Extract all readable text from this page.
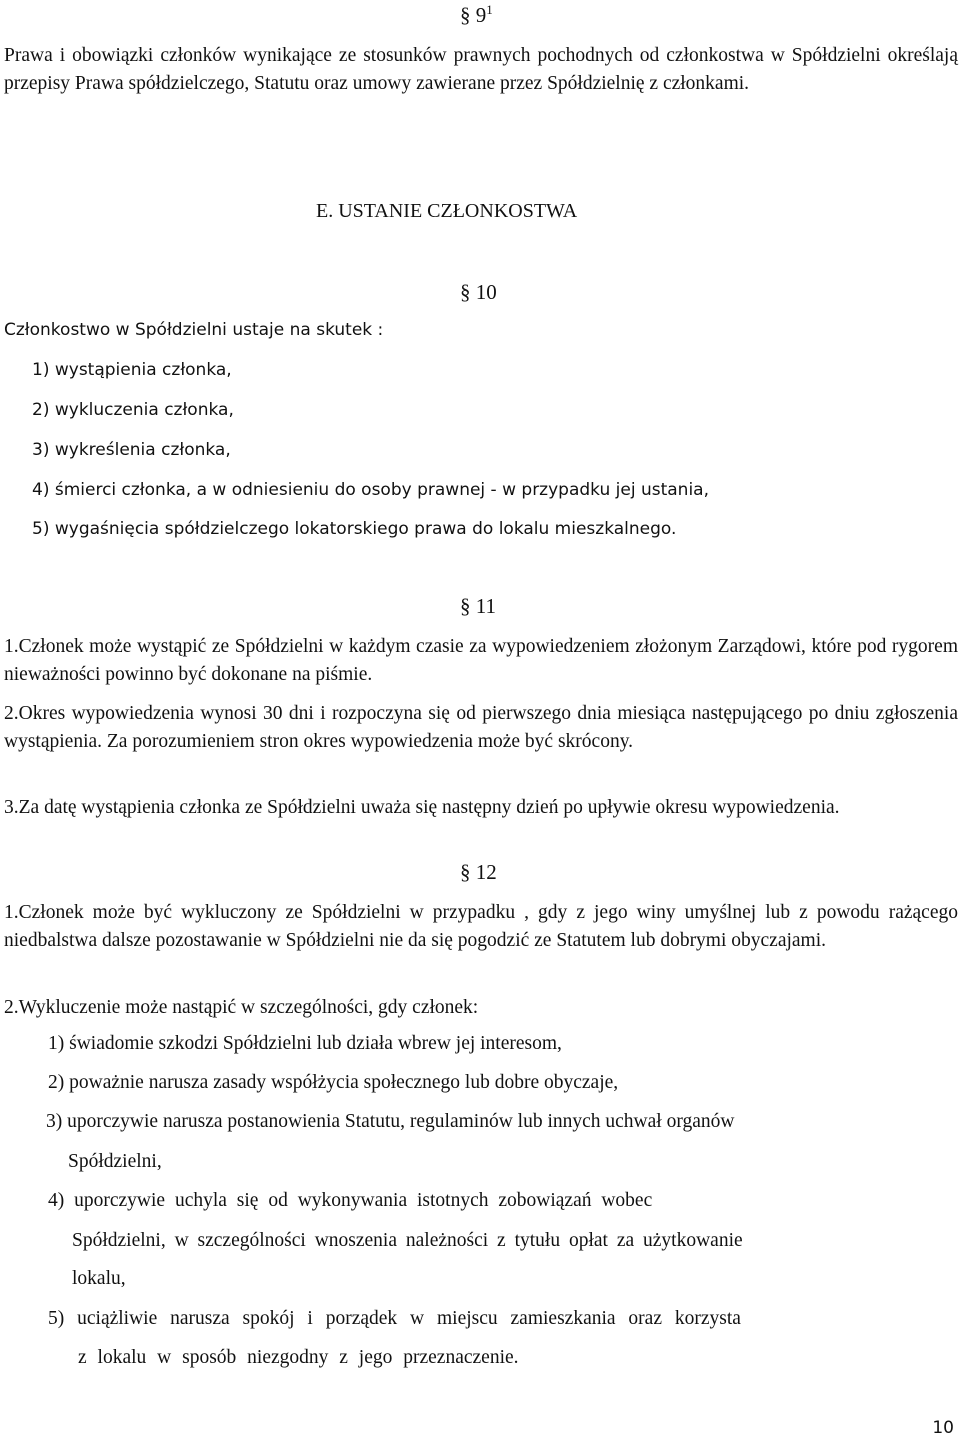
§ $9^1$

Prawa i obowiązki członków wynikające ze stosunków prawnych pochodnych od członkostwa w Spółdzielni określają przepisy Prawa spółdzielczego, Statutu oraz umowy zawierane przez Spółdzielnię z członkami.

E. USTANIE CZŁONKOSTWA
§ 10
Członkostwo w Spółdzielni ustaje na skutek :
1) wystąpienia członka,
2) wykluczenia członka,
3) wykreślenia członka,
4) śmierci członka, a w odniesieniu do osoby prawnej - w przypadku jej ustania,
5) wygaśnięcia spółdzielczego lokatorskiego prawa do lokalu mieszkalnego.
§ 11

1.Członek może wystąpić ze Spółdzielni w każdym czasie za wypowiedzeniem złożonym Zarządowi, które pod rygorem nieważności powinno być dokonane na piśmie.

2.Okres wypowiedzenia wynosi 30 dni i rozpoczyna się od pierwszego dnia miesiąca następującego po dniu zgłoszenia wystąpienia. Za porozumieniem stron okres wypowiedzenia może być skrócony.

3.Za datę wystąpienia członka ze Spółdzielni uważa się następny dzień po upływie okresu wypowiedzenia.

§ 12

1.Członek może być wykluczony ze Spółdzielni w przypadku , gdy z jego winy umyślnej lub z powodu rażącego niedbalstwa dalsze pozostawanie w Spółdzielni nie da się pogodzić ze Statutem lub dobrymi obyczajami.

2.Wykluczenie może nastąpić w szczególności, gdy członek:

1) świadomie szkodzi Spółdzielni lub działa wbrew jej interesom,
2) poważnie narusza zasady współżycia społecznego lub dobre obyczaje,
3) uporczywie narusza postanowienia Statutu, regulaminów lub innych uchwał organów
Spółdzielni,
4) uporczywie uchyla się od wykonywania istotnych zobowiązań wobec
Spółdzielni, w szczególności wnoszenia należności z tytułu opłat za użytkowanie
lokalu,
5) uciążliwie narusza spokój i porządek w miejscu zamieszkania oraz korzysta
z lokalu w sposób niezgodny z jego przeznaczenie.
10
